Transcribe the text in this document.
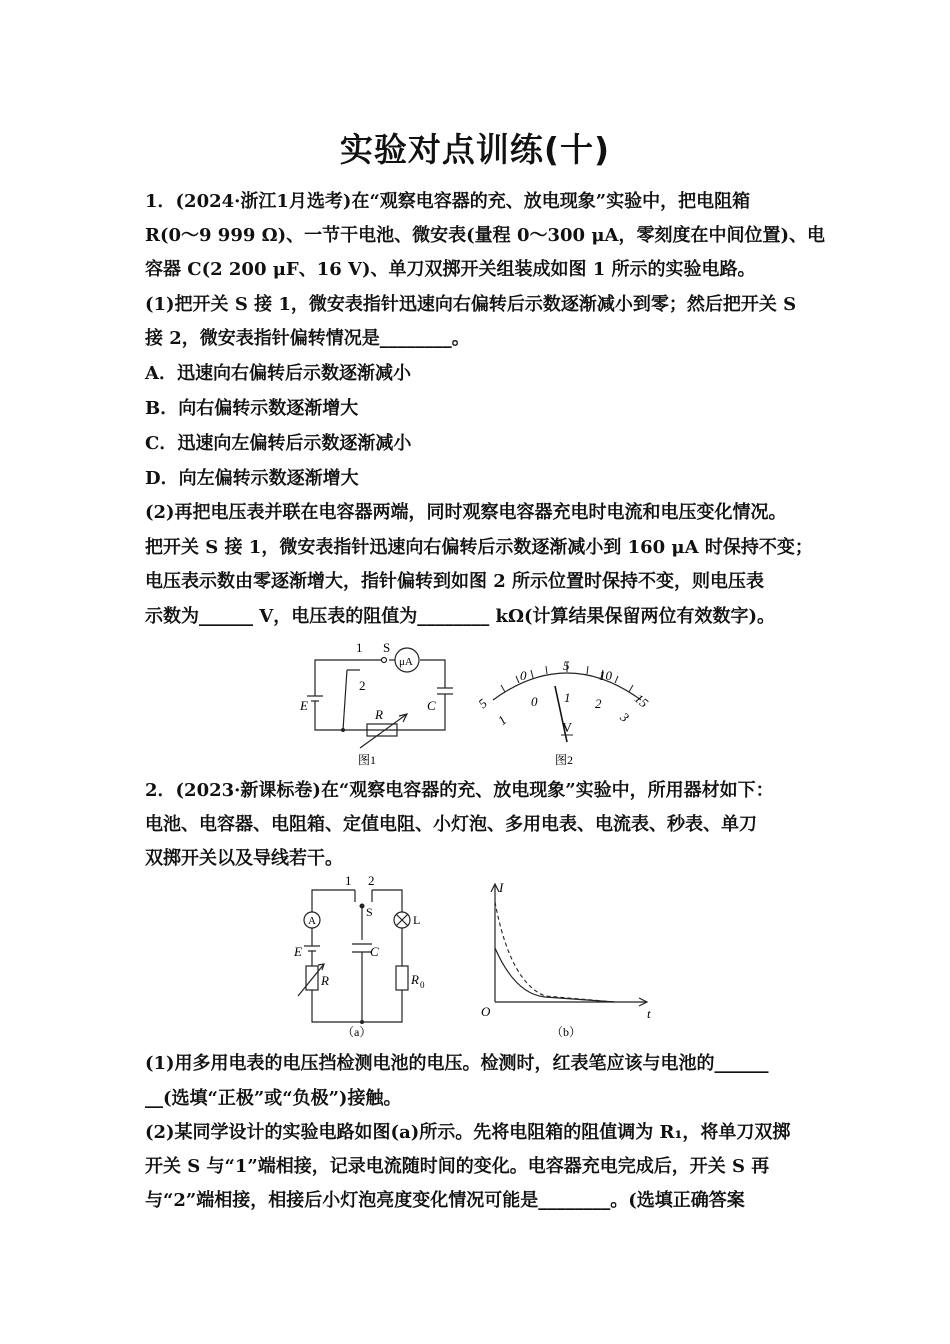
实验对点训练(十)
1．(2024·浙江1月选考)在“观察电容器的充、放电现象”实验中，把电阻箱
R(0～9 999 Ω)、一节干电池、微安表(量程 0～300 μA，零刻度在中间位置)、电
容器 C(2 200 μF、16 V)、单刀双掷开关组装成如图 1 所示的实验电路。
(1)把开关 S 接 1，微安表指针迅速向右偏转后示数逐渐减小到零；然后把开关 S
接 2，微安表指针偏转情况是________。
A．迅速向右偏转后示数逐渐减小
B．向右偏转示数逐渐增大
C．迅速向左偏转后示数逐渐减小
D．向左偏转示数逐渐增大
(2)再把电压表并联在电容器两端，同时观察电容器充电时电流和电压变化情况。
把开关 S 接 1，微安表指针迅速向右偏转后示数逐渐减小到 160 μA 时保持不变；
电压表示数由零逐渐增大，指针偏转到如图 2 所示位置时保持不变，则电压表
示数为______ V，电压表的阻值为________ kΩ(计算结果保留两位有效数字)。
1 S
μA
2
E	C
R
图1
5
0
5
10
15
1
0 1 2
3
V
图2
2．(2023·新课标卷)在“观察电容器的充、放电现象”实验中，所用器材如下：
电池、电容器、电阻箱、定值电阻、小灯泡、多用电表、电流表、秒表、单刀
双掷开关以及导线若干。
1 2
S
A	L
E	C
R	R 0
（a）
I
O	t
（b）
(1)用多用电表的电压挡检测电池的电压。检测时，红表笔应该与电池的______
__(选填“正极”或“负极”)接触。
(2)某同学设计的实验电路如图(a)所示。先将电阻箱的阻值调为 R₁，将单刀双掷
开关 S 与“1”端相接，记录电流随时间的变化。电容器充电完成后，开关 S 再
与“2”端相接，相接后小灯泡亮度变化情况可能是________。(选填正确答案
